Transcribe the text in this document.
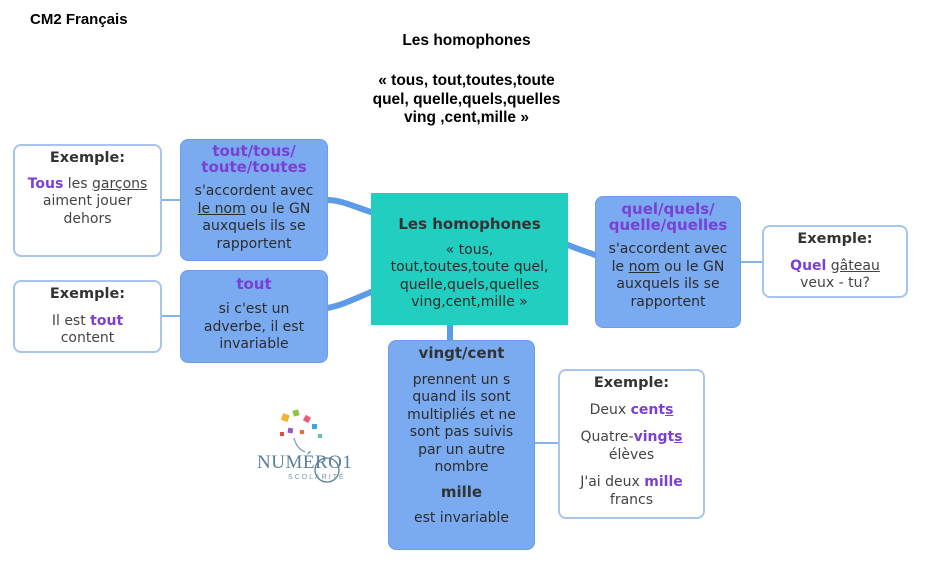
CM2 Français
Les homophones
« tous, tout,toutes,toute
quel, quelle,quels,quelles
ving ,cent,mille »
Les homophones
« tous,
tout,toutes,toute quel,
quelle,quels,quelles
ving,cent,mille »
tout/tous/
toute/toutes
s'accordent avec
le nom ou le GN
auxquels ils se
rapportent
tout
si c'est un
adverbe, il est
invariable
quel/quels/
quelle/quelles
s'accordent avec
le nom ou le GN
auxquels ils se
rapportent
vingt/cent
prennent un s
quand ils sont
multipliés et ne
sont pas suivis
par un autre
nombre
mille
est invariable
Exemple:
Tous les garçons
aiment jouer
dehors
Exemple:
Il est tout
content
Exemple:
Quel gâteau
veux - tu?
Exemple:
Deux cents
Quatre-vingts
élèves
J'ai deux mille
francs
NUMÉRO1
SCOLARITÉ
